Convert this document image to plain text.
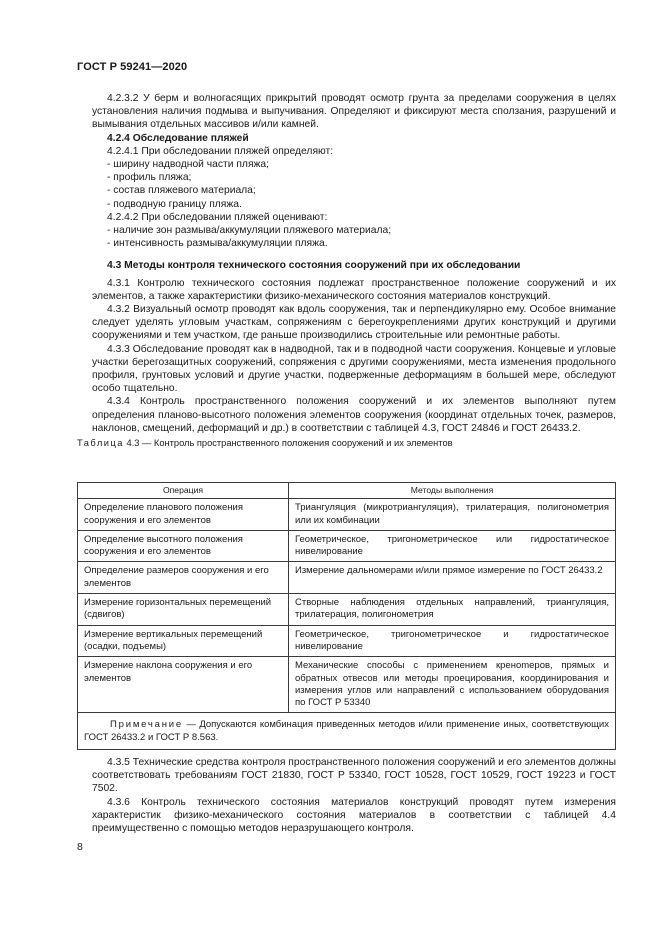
ГОСТ Р 59241—2020

4.2.3.2 У берм и волногасящих прикрытий проводят осмотр грунта за пределами сооружения в целях установления наличия подмыва и выпучивания. Определяют и фиксируют места сползания, разрушений и вымывания отдельных массивов и/или камней.

4.2.4 Обследование пляжей

4.2.4.1 При обследовании пляжей определяют:

- ширину надводной части пляжа;

- профиль пляжа;

- состав пляжевого материала;

- подводную границу пляжа.

4.2.4.2 При обследовании пляжей оценивают:

- наличие зон размыва/аккумуляции пляжевого материала;

- интенсивность размыва/аккумуляции пляжа.

4.3 Методы контроля технического состояния сооружений при их обследовании

4.3.1 Контролю технического состояния подлежат пространственное положение сооружений и их элементов, а также характеристики физико-механического состояния материалов конструкций.

4.3.2 Визуальный осмотр проводят как вдоль сооружения, так и перпендикулярно ему. Особое внимание следует уделять угловым участкам, сопряжениям с берегоукреплениями других конструкций и другими сооружениями и тем участком, где раньше производились строительные или ремонтные работы.

4.3.3 Обследование проводят как в надводной, так и в подводной части сооружения. Концевые и угловые участки берегозащитных сооружений, сопряжения с другими сооружениями, места изменения продольного профиля, грунтовых условий и другие участки, подверженные деформациям в большей мере, обследуют особо тщательно.

4.3.4 Контроль пространственного положения сооружений и их элементов выполняют путем определения планово-высотного положения элементов сооружения (координат отдельных точек, размеров, наклонов, смещений, деформаций и др.) в соответствии с таблицей 4.3, ГОСТ 24846 и ГОСТ 26433.2.

Таблица 4.3 — Контроль пространственного положения сооружений и их элементов
Операция	Методы выполнения
Определение планового положения сооружения и его элементов	Триангуляция (микротриангуляция), трилатерация, полигонометрия или их комбинации
Определение высотного положения сооружения и его элементов	Геометрическое, тригонометрическое или гидростатическое нивелирование
Определение размеров сооружения и его элементов	Измерение дальномерами и/или прямое измерение по ГОСТ 26433.2
Измерение горизонтальных перемещений (сдвигов)	Створные наблюдения отдельных направлений, триангуляция, трилатерация, полигонометрия
Измерение вертикальных перемещений (осадки, подъемы)	Геометрическое, тригонометрическое и гидростатическое нивелирование
Измерение наклона сооружения и его элементов	Механические способы с применением кренomеров, прямых и обратных отвесов или методы проецирования, координирования и измерения углов или направлений с использованием оборудования по ГОСТ Р 53340
Примечание — Допускаются комбинация приведенных методов и/или применение иных, соответствующих ГОСТ 26433.2 и ГОСТ Р 8.563.	

4.3.5 Технические средства контроля пространственного положения сооружений и его элементов должны соответствовать требованиям ГОСТ 21830, ГОСТ Р 53340, ГОСТ 10528, ГОСТ 10529, ГОСТ 19223 и ГОСТ 7502.

4.3.6 Контроль технического состояния материалов конструкций проводят путем измерения характеристик физико-механического состояния материалов в соответствии с таблицей 4.4 преимущественно с помощью методов неразрушающего контроля.

8
